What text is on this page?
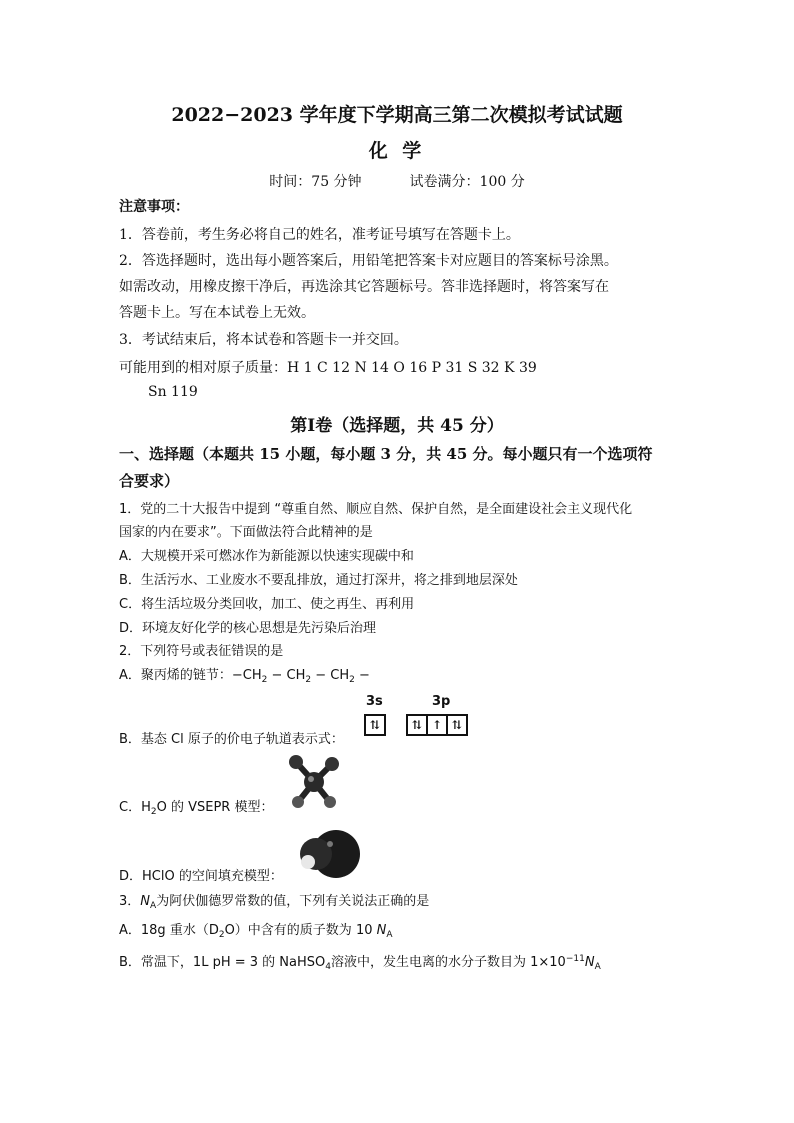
2022−2023 学年度下学期高三第二次模拟考试试题
化 学
时间：75 分钟	试卷满分：100 分
注意事项：
1．答卷前，考生务必将自己的姓名，准考证号填写在答题卡上。
2．答选择题时，选出每小题答案后，用铅笔把答案卡对应题目的答案标号涂黑。
如需改动，用橡皮擦干净后，再选涂其它答题标号。答非选择题时，将答案写在
答题卡上。写在本试卷上无效。
3．考试结束后，将本试卷和答题卡一并交回。
可能用到的相对原子质量：H 1 C 12 N 14 O 16 P 31 S 32 K 39
Sn 119
第Ⅰ卷（选择题，共 45 分）
一、选择题（本题共 15 小题，每小题 3 分，共 45 分。每小题只有一个选项符
合要求）
1．党的二十大报告中提到 “尊重自然、顺应自然、保护自然，是全面建设社会主义现代化
国家的内在要求”。下面做法符合此精神的是
A．大规模开采可燃冰作为新能源以快速实现碳中和
B．生活污水、工业废水不要乱排放，通过打深井，将之排到地层深处
C．将生活垃圾分类回收，加工、使之再生、再利用
D．环境友好化学的核心思想是先污染后治理
2．下列符号或表征错误的是
A．聚丙烯的链节：$-CH_2 - CH_2 - CH_2$ −
3s	3p
B．基态 Cl 原子的价电子轨道表示式：
⇅	⇅ ↑ ⇅
C．$H_2O$ 的 VSEPR 模型：
D．HClO 的空间填充模型：
3．$N_A$为阿伏伽德罗常数的值，下列有关说法正确的是
A．18g 重水$(D_2O)$中含有的质子数为 10 $N_A$
B．常温下，1L pH = 3 的 NaHSO$_4$溶液中，发生电离的水分子数目为 $1\times 10^{-11}N_A$
